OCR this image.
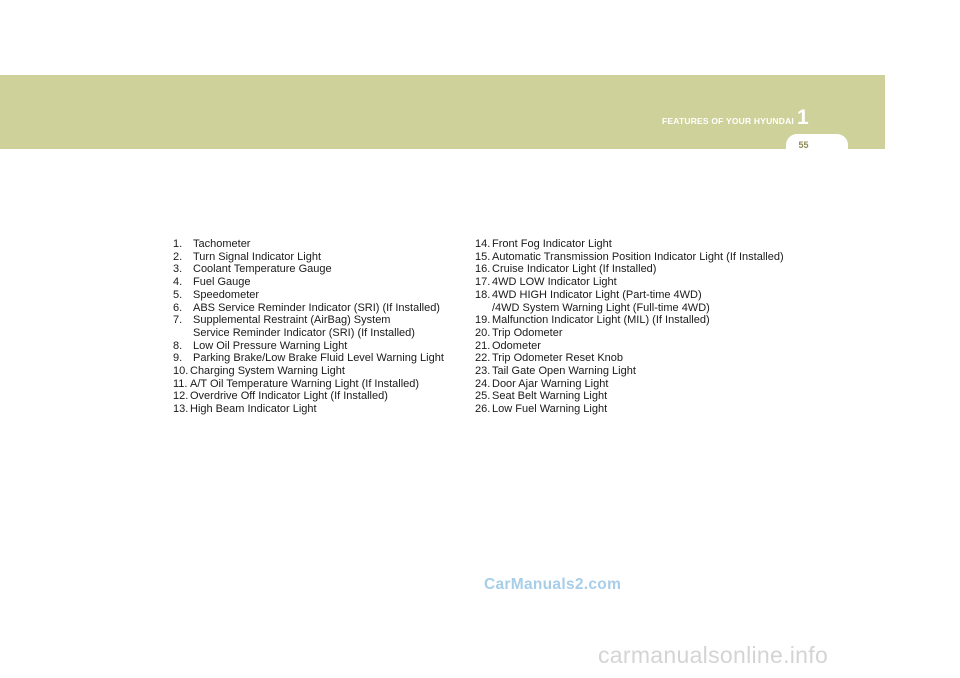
FEATURES OF YOUR HYUNDAI 1
55
1. Tachometer
2. Turn Signal Indicator Light
3. Coolant Temperature Gauge
4. Fuel Gauge
5. Speedometer
6. ABS Service Reminder Indicator (SRI) (If Installed)
7. Supplemental Restraint (AirBag) System
Service Reminder Indicator (SRI) (If Installed)
8. Low Oil Pressure Warning Light
9. Parking Brake/Low Brake Fluid Level Warning Light
10. Charging System Warning Light
11. A/T Oil Temperature Warning Light (If Installed)
12. Overdrive Off Indicator Light (If Installed)
13. High Beam Indicator Light
14. Front Fog Indicator Light
15. Automatic Transmission Position Indicator Light (If Installed)
16. Cruise Indicator Light (If Installed)
17. 4WD LOW Indicator Light
18. 4WD HIGH Indicator Light (Part-time 4WD)
/4WD System Warning Light (Full-time 4WD)
19. Malfunction Indicator Light (MIL) (If Installed)
20. Trip Odometer
21. Odometer
22. Trip Odometer Reset Knob
23. Tail Gate Open Warning Light
24. Door Ajar Warning Light
25. Seat Belt Warning Light
26. Low Fuel Warning Light
CarManuals2.com
carmanualsonline.info
